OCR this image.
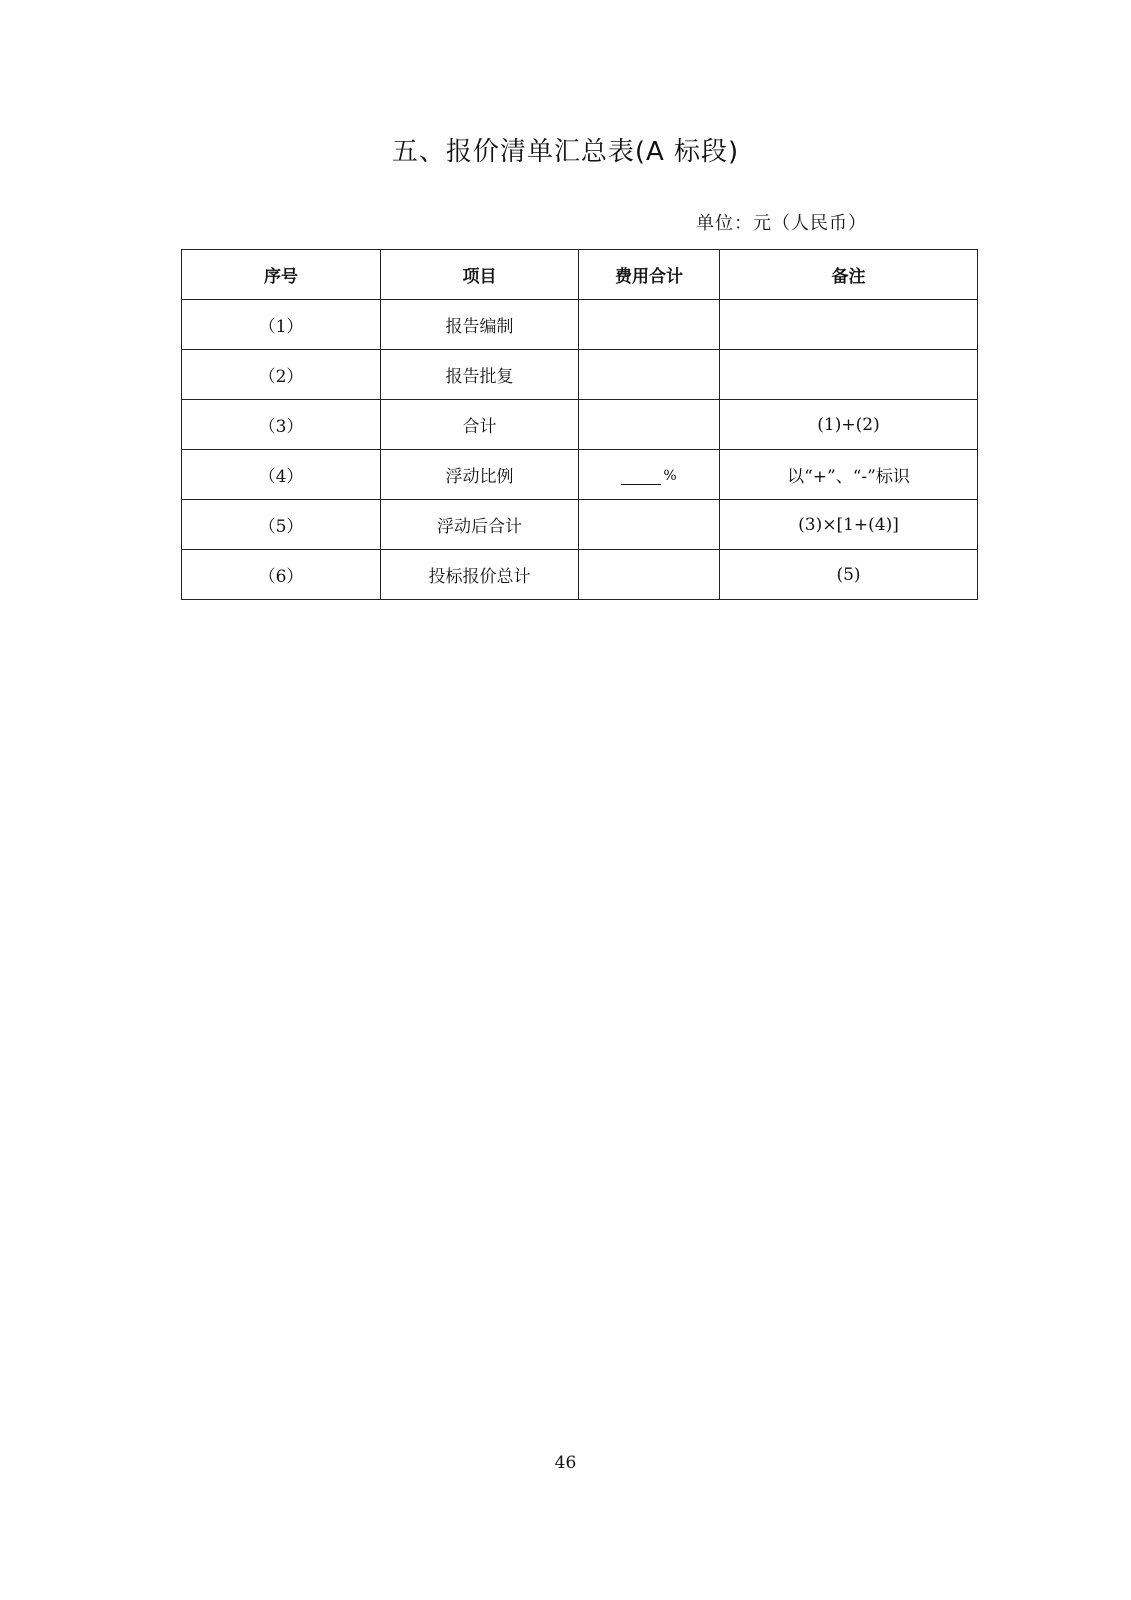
五、报价清单汇总表(A 标段)
单位：元（人民币）
序号	项目	费用合计	备注
（1）	报告编制		
（2）	报告批复		
（3）	合计		(1)+(2)
（4）	浮动比例	%	以“+”、“-”标识
（5）	浮动后合计		(3)×[1+(4)]
（6）	投标报价总计		(5)
46
